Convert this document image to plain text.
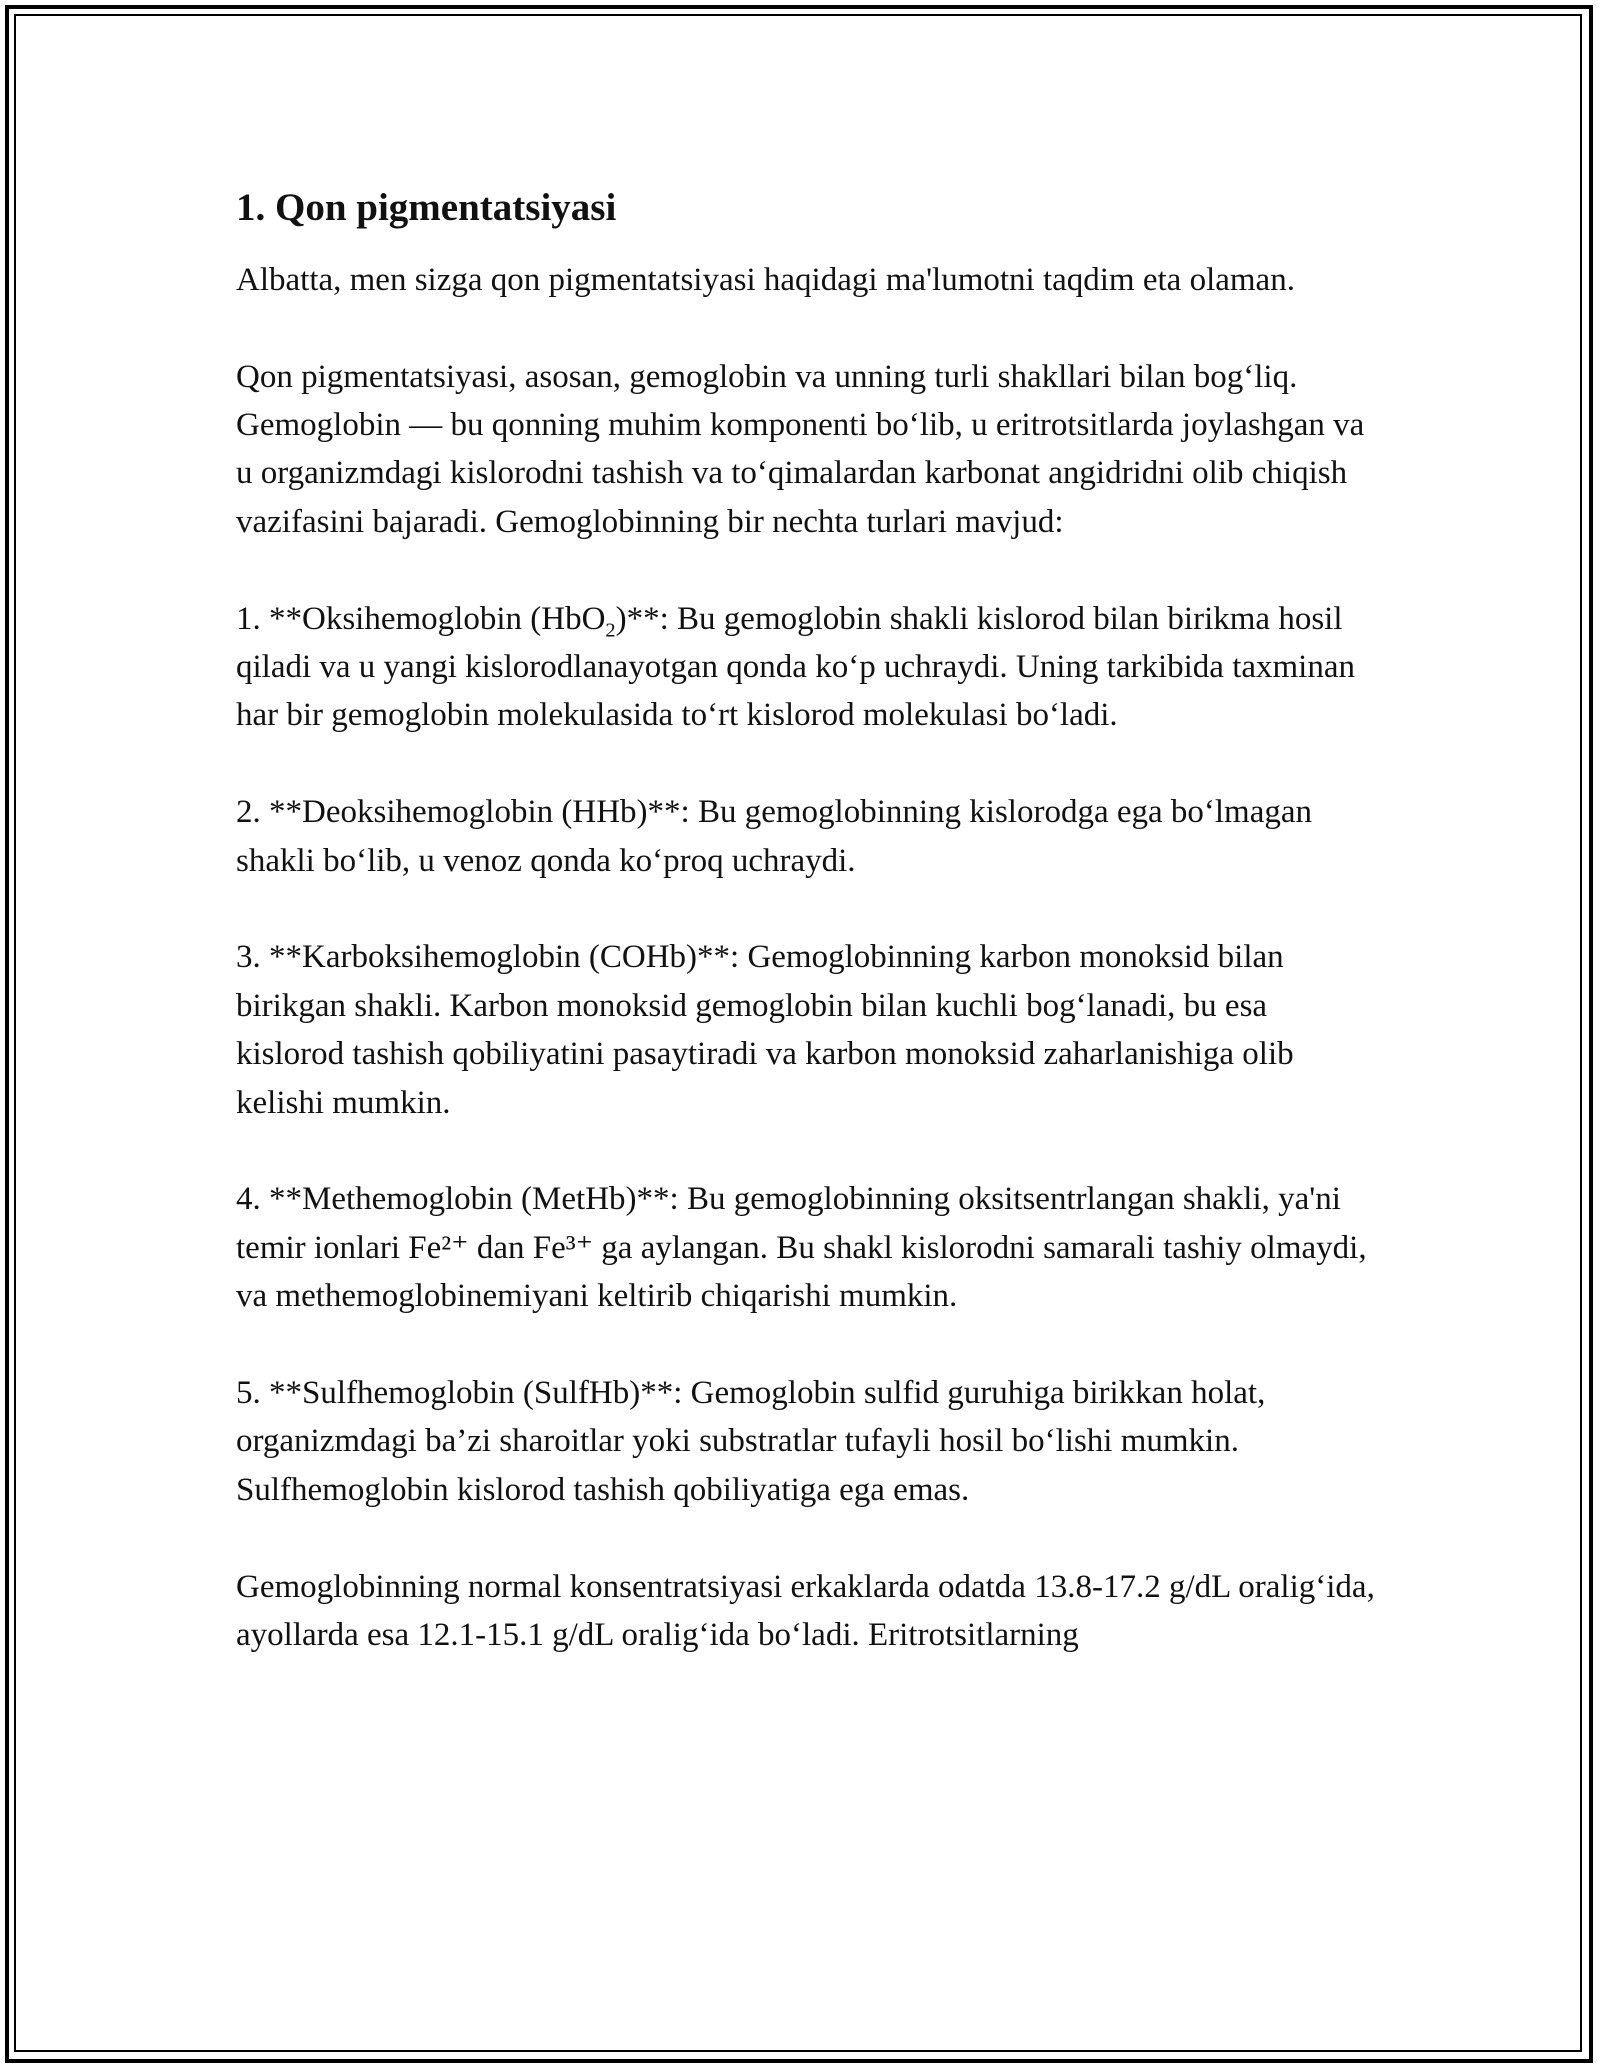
1. Qon pigmentatsiyasi

Albatta, men sizga qon pigmentatsiyasi haqidagi ma'lumotni taqdim eta olaman.

Qon pigmentatsiyasi, asosan, gemoglobin va unning turli shakllari bilan bog‘liq. Gemoglobin — bu qonning muhim komponenti bo‘lib, u eritrotsitlarda joylashgan va u organizmdagi kislorodni tashish va to‘qimalardan karbonat angidridni olib chiqish vazifasini bajaradi. Gemoglobinning bir nechta turlari mavjud:

1. **Oksihemoglobin (HbO$_2$)**: Bu gemoglobin shakli kislorod bilan birikma hosil qiladi va u yangi kislorodlanayotgan qonda ko‘p uchraydi. Uning tarkibida taxminan har bir gemoglobin molekulasida to‘rt kislorod molekulasi bo‘ladi.

2. **Deoksihemoglobin (HHb)**: Bu gemoglobinning kislorodga ega bo‘lmagan shakli bo‘lib, u venoz qonda ko‘proq uchraydi.

3. **Karboksihemoglobin (COHb)**: Gemoglobinning karbon monoksid bilan birikgan shakli. Karbon monoksid gemoglobin bilan kuchli bog‘lanadi, bu esa kislorod tashish qobiliyatini pasaytiradi va karbon monoksid zaharlanishiga olib kelishi mumkin.

4. **Methemoglobin (MetHb)**: Bu gemoglobinning oksitsentrlangan shakli, ya'ni temir ionlari Fe²⁺ dan Fe³⁺ ga aylangan. Bu shakl kislorodni samarali tashiy olmaydi, va methemoglobinemiyani keltirib chiqarishi mumkin.

5. **Sulfhemoglobin (SulfHb)**: Gemoglobin sulfid guruhiga birikkan holat, organizmdagi ba’zi sharoitlar yoki substratlar tufayli hosil bo‘lishi mumkin. Sulfhemoglobin kislorod tashish qobiliyatiga ega emas.

Gemoglobinning normal konsentratsiyasi erkaklarda odatda 13.8-17.2 g/dL oralig‘ida, ayollarda esa 12.1-15.1 g/dL oralig‘ida bo‘ladi. Eritrotsitlarning
